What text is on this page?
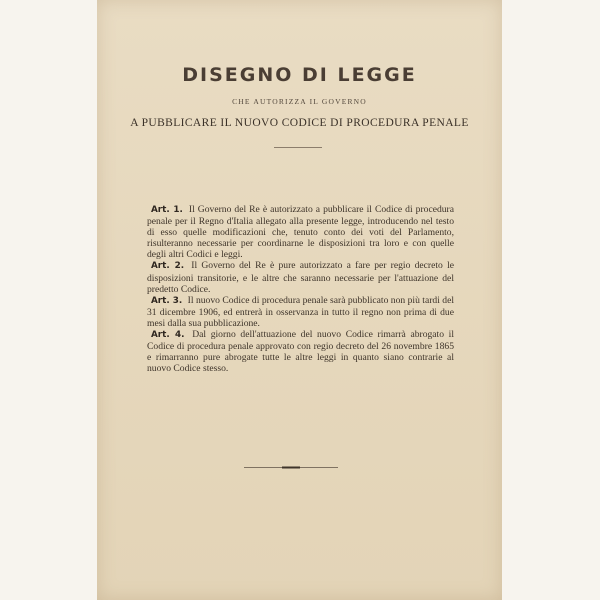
DISEGNO DI LEGGE
CHE AUTORIZZA IL GOVERNO
A PUBBLICARE IL NUOVO CODICE DI PROCEDURA PENALE

Art. 1. Il Governo del Re è autorizzato a pubblicare il Codice di procedura penale per il Regno d'Italia allegato alla presente legge, introducendo nel testo di esso quelle modificazioni che, tenuto conto dei voti del Parlamento, risulteranno necessarie per coordinarne le disposizioni tra loro e con quelle degli altri Codici e leggi.

Art. 2. Il Governo del Re è pure autorizzato a fare per regio decreto le disposizioni transitorie, e le altre che saranno necessarie per l'attuazione del predetto Codice.

Art. 3. Il nuovo Codice di procedura penale sarà pubblicato non più tardi del 31 dicembre 1906, ed entrerà in osservanza in tutto il regno non prima di due mesi dalla sua pubblicazione.

Art. 4. Dal giorno dell'attuazione del nuovo Codice rimarrà abrogato il Codice di procedura penale approvato con regio decreto del 26 novembre 1865 e rimarranno pure abrogate tutte le altre leggi in quanto siano contrarie al nuovo Codice stesso.
